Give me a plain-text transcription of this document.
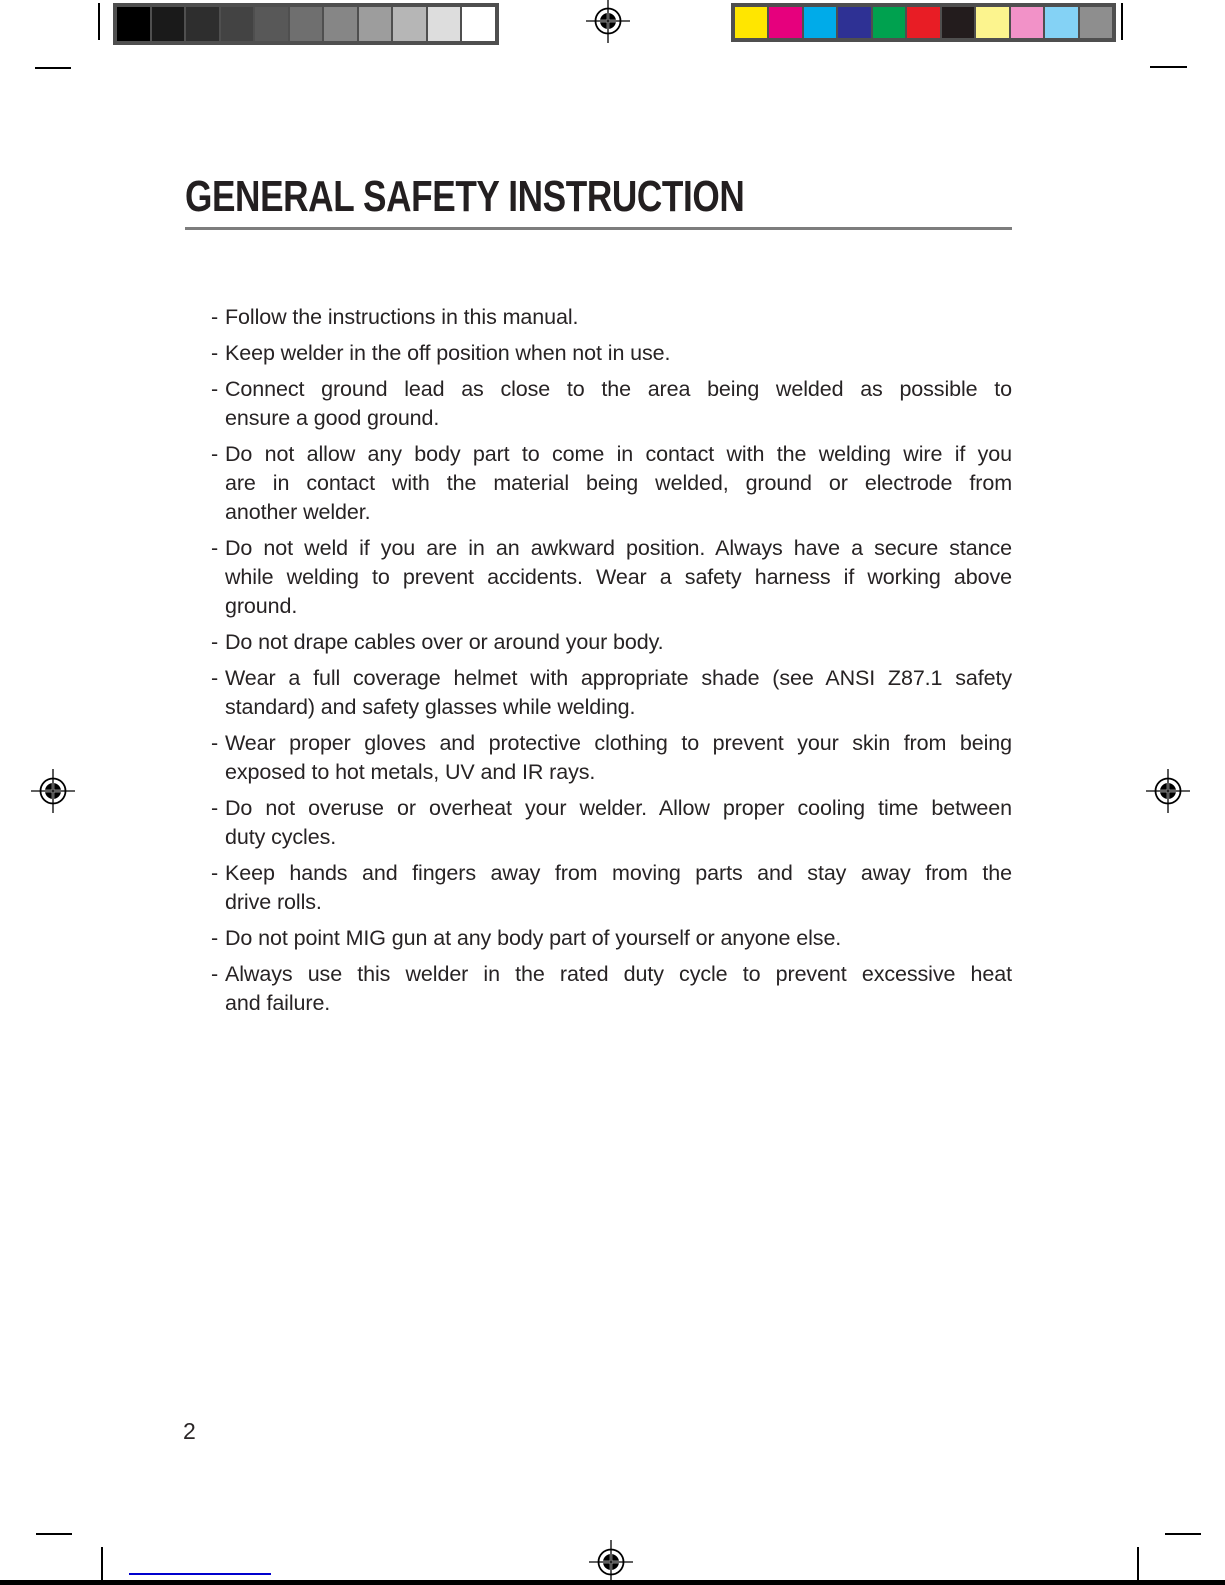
GENERAL SAFETY INSTRUCTION
- Follow the instructions in this manual.
- Keep welder in the off position when not in use.
- Connect ground lead as close to the area being welded as possible to
ensure a good ground.
- Do not allow any body part to come in contact with the welding wire if you
are in contact with the material being welded, ground or electrode from
another welder.
- Do not weld if you are in an awkward position. Always have a secure stance
while welding to prevent accidents. Wear a safety harness if working above
ground.
- Do not drape cables over or around your body.
- Wear a full coverage helmet with appropriate shade (see ANSI Z87.1 safety
standard) and safety glasses while welding.
- Wear proper gloves and protective clothing to prevent your skin from being
exposed to hot metals, UV and IR rays.
- Do not overuse or overheat your welder. Allow proper cooling time between
duty cycles.
- Keep hands and fingers away from moving parts and stay away from the
drive rolls.
- Do not point MIG gun at any body part of yourself or anyone else.
- Always use this welder in the rated duty cycle to prevent excessive heat
and failure.
2
